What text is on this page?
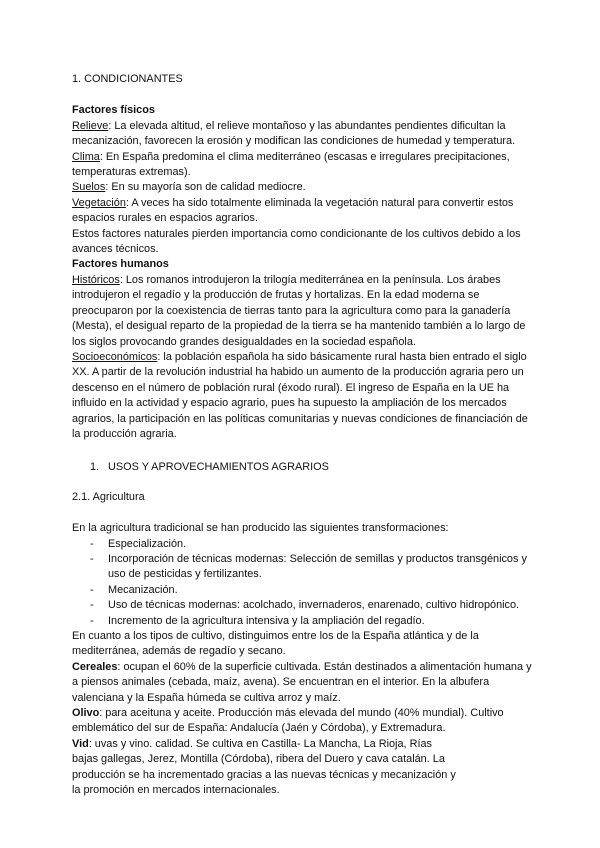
1. CONDICIONANTES

Factores físicos

Relieve: La elevada altitud, el relieve montañoso y las abundantes pendientes dificultan la mecanización, favorecen la erosión y modifican las condiciones de humedad y temperatura.

Clima: En España predomina el clima mediterráneo (escasas e irregulares precipitaciones, temperaturas extremas).

Suelos: En su mayoría son de calidad mediocre.

Vegetación: A veces ha sido totalmente eliminada la vegetación natural para convertir estos espacios rurales en espacios agrarios.

Estos factores naturales pierden importancia como condicionante de los cultivos debido a los avances técnicos.

Factores humanos

Históricos: Los romanos introdujeron la trilogía mediterránea en la península. Los árabes introdujeron el regadío y la producción de frutas y hortalizas. En la edad moderna se preocuparon por la coexistencia de tierras tanto para la agricultura como para la ganadería (Mesta), el desigual reparto de la propiedad de la tierra se ha mantenido también a lo largo de los siglos provocando grandes desigualdades en la sociedad española.

Socioeconómicos: la población española ha sido básicamente rural hasta bien entrado el siglo XX. A partir de la revolución industrial ha habido un aumento de la producción agraria pero un descenso en el número de población rural (éxodo rural). El ingreso de España en la UE ha influido en la actividad y espacio agrario, pues ha supuesto la ampliación de los mercados agrarios, la participación en las políticas comunitarias y nuevas condiciones de financiación de la producción agraria.

1. USOS Y APROVECHAMIENTOS AGRARIOS

2.1. Agricultura

En la agricultura tradicional se han producido las siguientes transformaciones:

- Especialización.
- Incorporación de técnicas modernas: Selección de semillas y productos transgénicos y uso de pesticidas y fertilizantes.
- Mecanización.
- Uso de técnicas modernas: acolchado, invernaderos, enarenado, cultivo hidropónico.
- Incremento de la agricultura intensiva y la ampliación del regadío.

En cuanto a los tipos de cultivo, distinguimos entre los de la España atlántica y de la mediterránea, además de regadío y secano.

Cereales: ocupan el 60% de la superficie cultivada. Están destinados a alimentación humana y a piensos animales (cebada, maíz, avena). Se encuentran en el interior. En la albufera valenciana y la España húmeda se cultiva arroz y maíz.

Olivo: para aceituna y aceite. Producción más elevada del mundo (40% mundial). Cultivo emblemático del sur de España: Andalucía (Jaén y Córdoba), y Extremadura.

Vid: uvas y vino. calidad. Se cultiva en Castilla- La Mancha, La Rioja, Rías
bajas gallegas, Jerez, Montilla (Córdoba), ribera del Duero y cava catalán. La
producción se ha incrementado gracias a las nuevas técnicas y mecanización y
la promoción en mercados internacionales.
